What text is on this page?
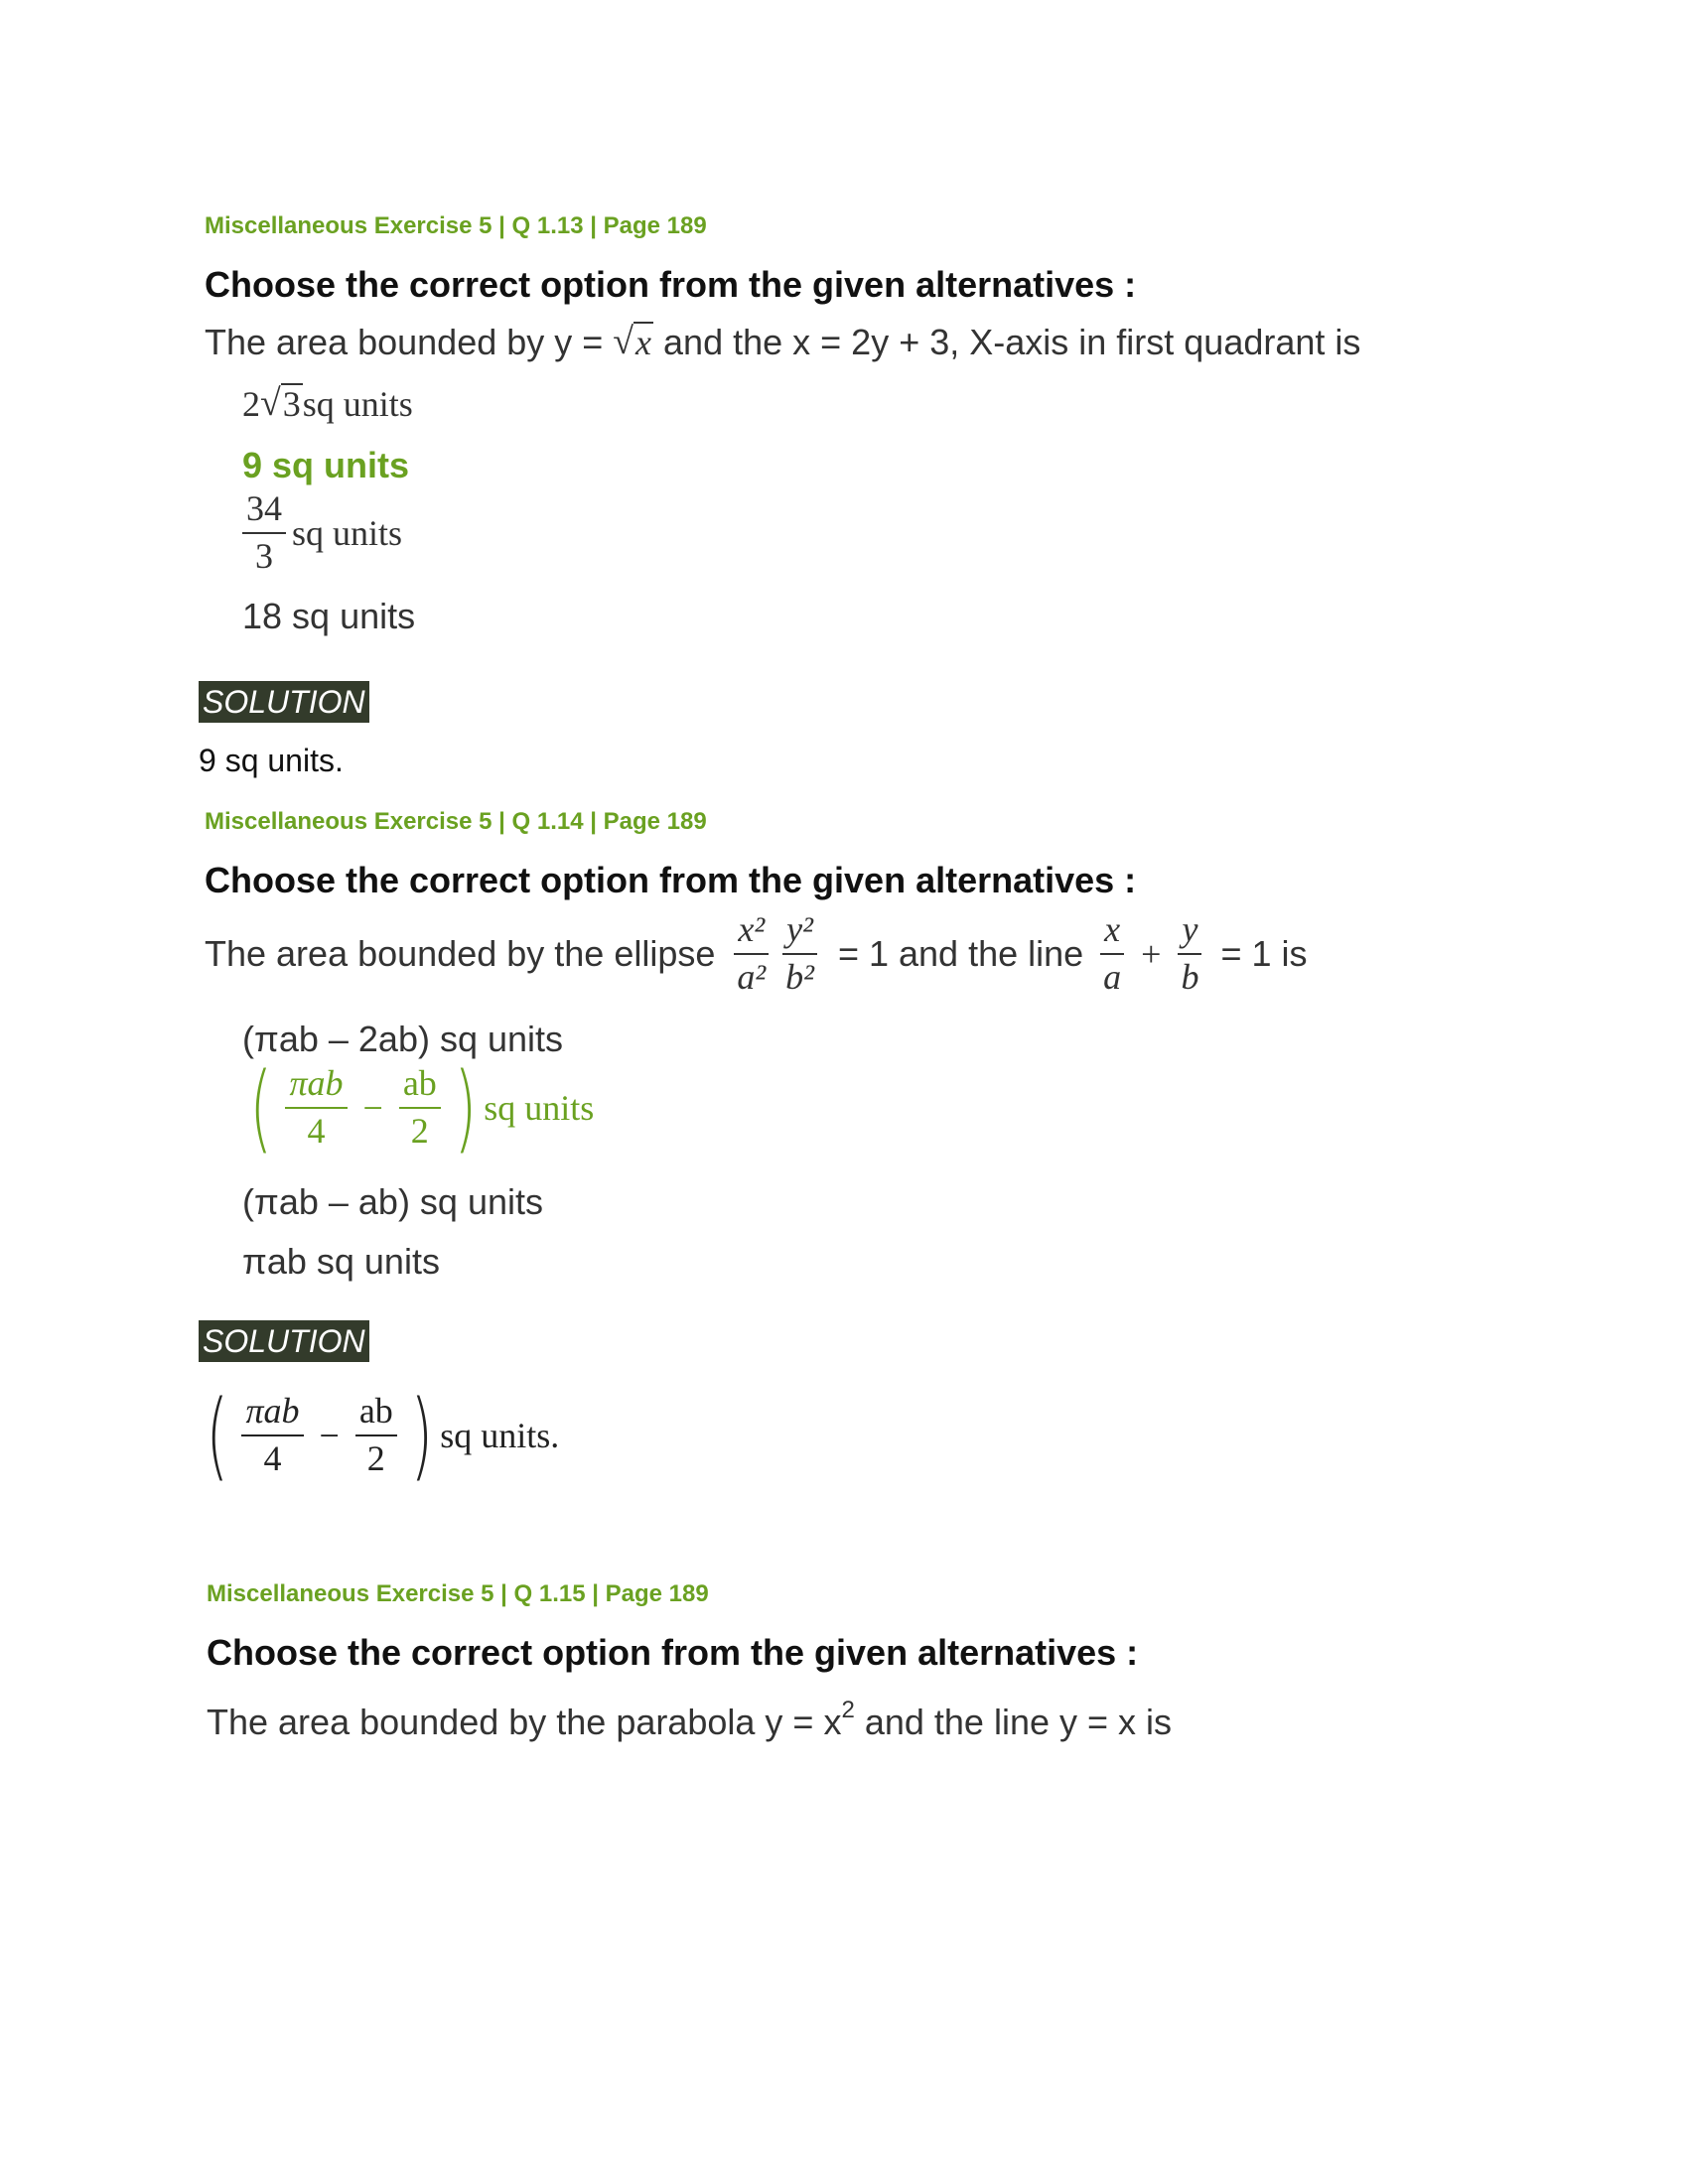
Miscellaneous Exercise 5 | Q 1.13 | Page 189
Choose the correct option from the given alternatives :
The area bounded by y = √ x and the x = 2y + 3, X-axis in first quadrant is
2 √ 3 sq units
9 sq units
$\frac{34}{3}$ sq units
18 sq units
SOLUTION
9 sq units.
Miscellaneous Exercise 5 | Q 1.14 | Page 189
Choose the correct option from the given alternatives :
The area bounded by the ellipse $\frac{\text{x²}}{\text{a²}} \frac{\text{y²}}{\text{b²}} = 1$ and the line $\frac{x}{a} + \frac{y}{b} = 1$ is
(πab – 2ab) sq units
( $\frac{\text{πab}}{4} - \frac{ab}{2}$ ) sq units
(πab – ab) sq units
πab sq units
SOLUTION
( $\frac{\text{πab}}{4} - \frac{ab}{2}$ ) sq units.
Miscellaneous Exercise 5 | Q 1.15 | Page 189
Choose the correct option from the given alternatives :
The area bounded by the parabola $y = x^2$ and the line y = x is
